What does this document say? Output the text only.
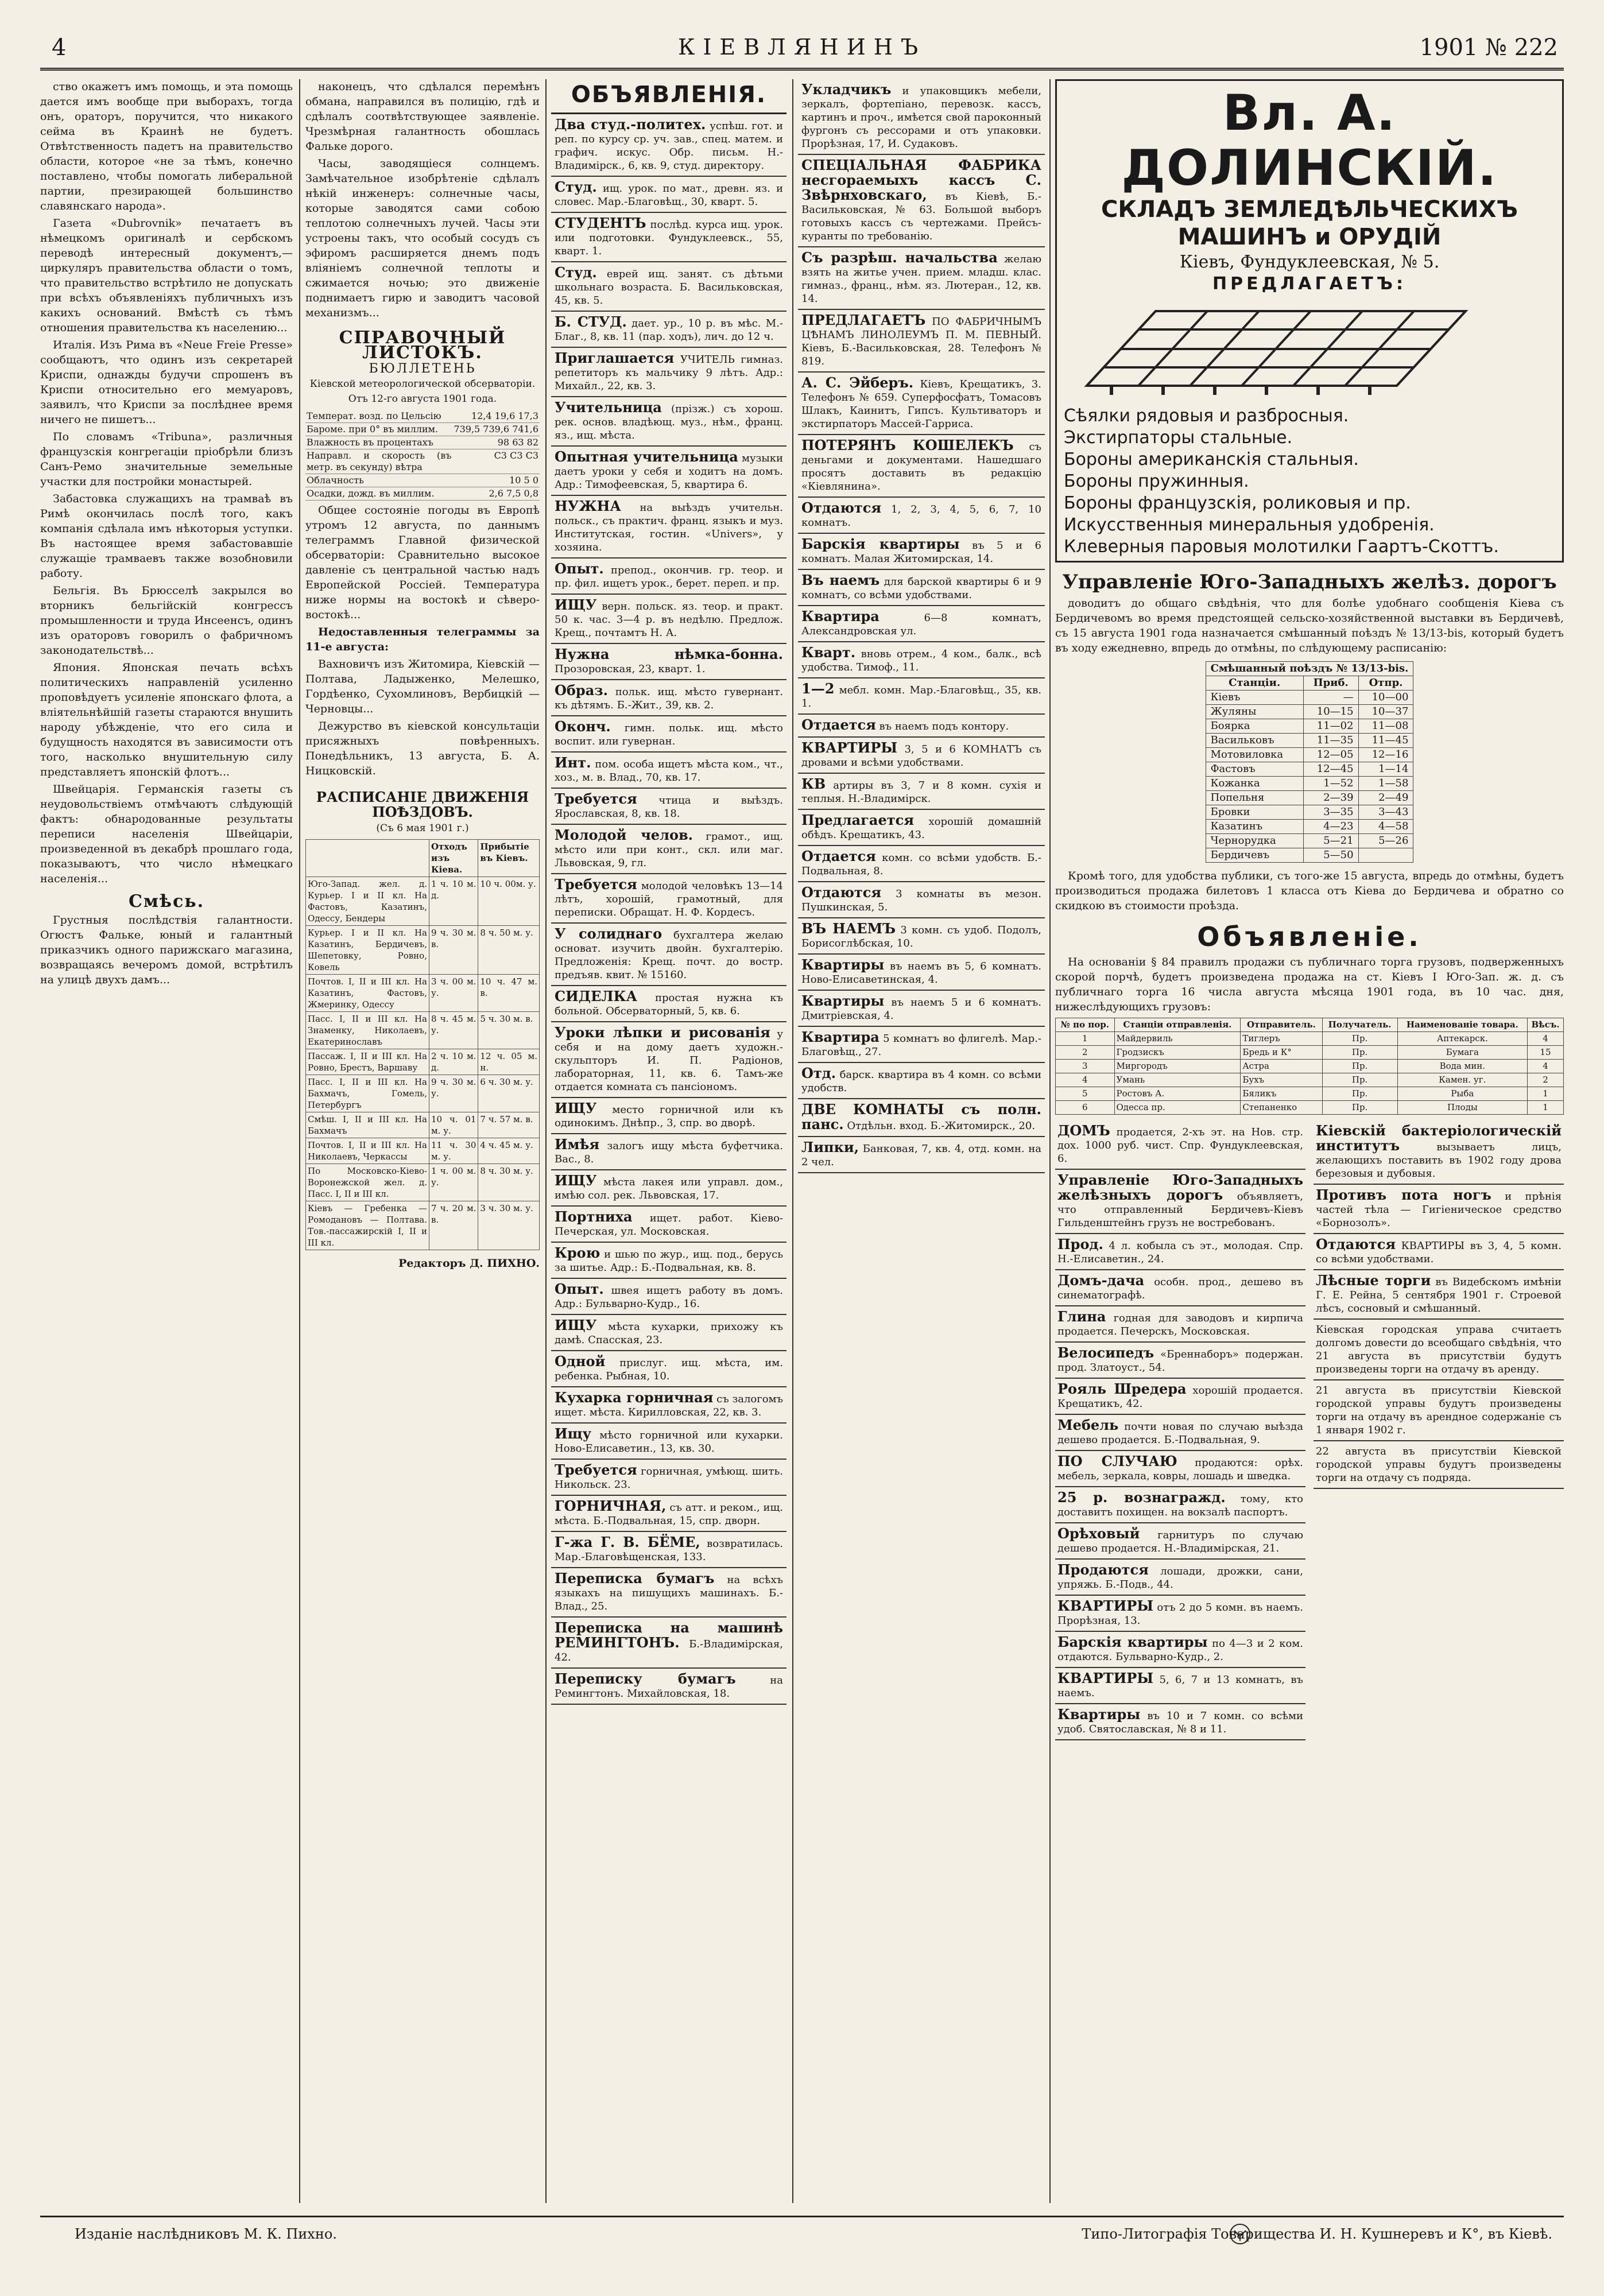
4	КІЕВЛЯНИНЪ	1901 № 222

ство окажетъ имъ помощь, и эта помощь дается имъ вообще при выборахъ, тогда онъ, ораторъ, поручится, что никакого сейма въ Краинѣ не будетъ. Отвѣтственность падетъ на правительство области, которое «не за тѣмъ, конечно поставлено, чтобы помогать либеральной партии, презирающей большинство славянскаго народа».

Газета «Dubrovnik» печатаетъ въ нѣмецкомъ оригиналѣ и сербскомъ переводѣ интересный документъ,—циркуляръ правительства области о томъ, что правительство встрѣтило не допускать при всѣхъ объявленiяхъ публичныхъ изъ какихъ оснований. Вмѣстѣ съ тѣмъ отношения правительства къ населению...

Италія. Изъ Рима въ «Neue Freie Presse» сообщаютъ, что одинъ изъ секретарей Криспи, однажды будучи спрошенъ въ Криспи относительно его мемуаровъ, заявилъ, что Криспи за послѣднее время ничего не пишетъ...

По словамъ «Tribuna», различныя французскія конгрегаціи пріобрѣли близъ Санъ-Ремо значительные земельные участки для постройки монастырей.

Забастовка служащихъ на трамваѣ въ Римѣ окончилась послѣ того, какъ компанія сдѣлала имъ нѣкоторыя уступки. Въ настоящее время забастовавшіе служащіе трамваевъ также возобновили работу.

Бельгія. Въ Брюсселѣ закрылся во вторникъ бельгійскій конгрессъ промышленности и труда Инсеенсъ, одинъ изъ ораторовъ говорилъ о фабричномъ законодательствѣ...

Япония. Японская печать всѣхъ политическихъ направленій усиленно проповѣдуетъ усиленіе японскаго флота, а вліятельнѣйшій газеты стараются внушить народу убѣжденіе, что его сила и будущность находятся въ зависимости отъ того, насколько внушительную силу представляетъ японскій флотъ...

Швейцарія. Германскія газеты съ неудовольствіемъ отмѣчаютъ слѣдующій фактъ: обнародованные результаты переписи населенія Швейцаріи, произведенной въ декабрѣ прошлаго года, показываютъ, что число нѣмецкаго населенія...

Смѣсь.

Грустныя послѣдствія галантности. Огюстъ Фальке, юный и галантный приказчикъ одного парижскаго магазина, возвращаясь вечеромъ домой, встрѣтилъ на улицѣ двухъ дамъ...

наконецъ, что сдѣлался перемѣнъ обмана, направился въ полицію, гдѣ и сдѣлалъ соотвѣтствующее заявленіе. Чрезмѣрная галантность обошлась Фальке дорого.

Часы, заводящіеся солнцемъ. Замѣчательное изобрѣтеніе сдѣлалъ нѣкій инженеръ: солнечные часы, которые заводятся сами собою теплотою солнечныхъ лучей. Часы эти устроены такъ, что особый сосудъ съ эфиромъ расширяется днемъ подъ вліяніемъ солнечной теплоты и сжимается ночью; это движеніе поднимаетъ гирю и заводитъ часовой механизмъ...

СПРАВОЧНЫЙ ЛИСТОКЪ.
БЮЛЛЕТЕНЬ
Кіевской метеорологической обсерваторіи. Отъ 12-го августа 1901 года.
Температ. возд. по Цельсію	12,4 19,6 17,3
Бароме. при 0° въ миллим.	739,5 739,6 741,6
Влажность въ процентахъ	98 63 82
Направл. и скорость (въ метр. въ секунду) вѣтра	С3 С3 С3
Облачность	10 5 0
Осадки, дожд. въ миллим.	2,6 7,5 0,8

Общее состояніе погоды въ Европѣ утромъ 12 августа, по даннымъ телеграммъ Главной физической обсерваторіи: Сравнительно высокое давленіе съ центральной частью надъ Европейской Россіей. Температура ниже нормы на востокѣ и сѣверо-востокѣ...

Недоставленныя телеграммы за 11-е августа:

Вахновичъ изъ Житомира, Кіевскій — Полтава, Ладыженко, Мелешко, Гордѣенко, Сухомлиновъ, Вербицкій — Черновцы...

Дежурство въ кіевской консультаціи присяжныхъ повѣренныхъ. Понедѣльникъ, 13 августа, Б. А. Ницковскій.

РАСПИСАНІЕ ДВИЖЕНІЯ ПОѢЗДОВЪ.
(Съ 6 мая 1901 г.)
	Отходъ изъ Кіева.	Прибытіе въ Кіевъ.
Юго-Запад. жел. д. Курьер. I и II кл. На Фастовъ, Казатинъ, Одессу, Бендеры	1 ч. 10 м. д.	10 ч. 00м. у.
Курьер. I и II кл. На Казатинъ, Бердичевъ, Шепетовку, Ровно, Ковель	9 ч. 30 м. в.	8 ч. 50 м. у.
Почтов. I, II и III кл. На Казатинъ, Фастовъ, Жмеринку, Одессу	3 ч. 00 м. у.	10 ч. 47 м. в.
Пасс. I, II и III кл. На Знаменку, Николаевъ, Екатеринославъ	8 ч. 45 м. у.	5 ч. 30 м. в.
Пассаж. I, II и III кл. На Ровно, Брестъ, Варшаву	2 ч. 10 м. д.	12 ч. 05 м. н.
Пасс. I, II и III кл. На Бахмачъ, Гомель, Петербургъ	9 ч. 30 м. у.	6 ч. 30 м. у.
Смѣш. I, II и III кл. На Бахмачъ	10 ч. 01 м. у.	7 ч. 57 м. в.
Почтов. I, II и III кл. На Николаевъ, Черкассы	11 ч. 30 м. у.	4 ч. 45 м. у.
По Московско-Кіево-Воронежской жел. д. Пасс. I, II и III кл.	1 ч. 00 м. у.	8 ч. 30 м. у.
Кіевъ — Гребенка — Ромодановъ — Полтава. Тов.-пассажирскій I, II и III кл.	7 ч. 20 м. в.	3 ч. 30 м. у.
Редакторъ Д. ПИХНО.
ОБЪЯВЛЕНІЯ.
Два студ.-политех. успѣш. гот. и реп. по курсу ср. уч. зав., спец. матем. и графич. искус. Обр. письм. Н.-Владимірск., 6, кв. 9, студ. директору.
Студ. ищ. урок. по мат., древн. яз. и словес. Мар.-Благовѣщ., 30, кварт. 5.
СТУДЕНТЪ послѣд. курса ищ. урок. или подготовки. Фундуклеевск., 55, кварт. 1.
Студ. еврей ищ. занят. съ дѣтьми школьнаго возраста. Б. Васильковская, 45, кв. 5.
Б. СТУД. дает. ур., 10 р. въ мѣс. М.-Благ., 8, кв. 11 (пар. ходъ), лич. до 12 ч.
Приглашается УЧИТЕЛЬ гимназ. репетиторъ къ мальчику 9 лѣтъ. Адр.: Михайл., 22, кв. 3.
Учительница (прізж.) съ хорош. рек. основ. владѣющ. муз., нѣм., франц. яз., ищ. мѣста.
Опытная учительница музыки даетъ уроки у себя и ходитъ на домъ. Адр.: Тимофеевская, 5, квартира 6.
НУЖНА на выѣздъ учительн. польск., съ практич. франц. языкъ и муз. Институтская, гостин. «Univers», у хозяина.
Опыт. препод., окончив. гр. теор. и пр. фил. ищетъ урок., берет. переп. и пр.
ИЩУ верн. польск. яз. теор. и практ. 50 к. час. 3—4 р. въ недѣлю. Предлож. Крещ., почтамтъ Н. А.
Нужна нѣмка-бонна. Прозоровская, 23, кварт. 1.
Образ. польк. ищ. мѣсто гувернант. къ дѣтямъ. Б.-Жит., 39, кв. 2.
Оконч. гимн. польк. ищ. мѣсто воспит. или гувернан.
Инт. пом. особа ищетъ мѣста ком., чт., хоз., м. в. Влад., 70, кв. 17.
Требуется чтица и выѣздъ. Ярославская, 8, кв. 18.
Молодой челов. грамот., ищ. мѣсто или при конт., скл. или маг. Львовская, 9, гл.
Требуется молодой человѣкъ 13—14 лѣтъ, хорошій, грамотный, для переписки. Обращат. Н. Ф. Кордесъ.
У солиднаго бухгалтера желаю основат. изучить двойн. бухгалтерію. Предложенія: Крещ. почт. до востр. предъяв. квит. № 15160.
СИДЕЛКА простая нужна къ больной. Обсерваторный, 5, кв. 6.
Уроки лѣпки и рисованія у себя и на дому даетъ художн.-скульпторъ И. П. Радіонов, лабораторная, 11, кв. 6. Тамъ-же отдается комната съ пансіономъ.
ИЩУ место горничной или къ одинокимъ. Днѣпр., 3, спр. во дворѣ.
Имѣя залогъ ищу мѣста буфетчика. Вас., 8.
ИЩУ мѣста лакея или управл. дом., имѣю сол. рек. Львовская, 17.
Портниха ищет. работ. Кіево-Печерская, ул. Московская.
Крою и шью по жур., ищ. под., берусь за шитье. Адр.: Б.-Подвальная, кв. 8.
Опыт. швея ищетъ работу въ домъ. Адр.: Бульварно-Кудр., 16.
ИЩУ мѣста кухарки, прихожу къ дамѣ. Спасская, 23.
Одной прислуг. ищ. мѣста, им. ребенка. Рыбная, 10.
Кухарка горничная съ залогомъ ищет. мѣста. Кирилловская, 22, кв. 3.
Ищу мѣсто горничной или кухарки. Ново-Елисаветин., 13, кв. 30.
Требуется горничная, умѣющ. шить. Никольск. 23.
ГОРНИЧНАЯ, съ атт. и реком., ищ. мѣста. Б.-Подвальная, 15, спр. дворн.
Г-жа Г. В. БЁМЕ, возвратилась. Мар.-Благовѣщенская, 133.
Переписка бумагъ на всѣхъ языкахъ на пишущихъ машинахъ. Б.-Влад., 25.
Переписка на машинѣ РЕМИНГТОНЪ. Б.-Владимірская, 42.
Переписку бумагъ	на Ремингтонъ. Михайловская, 18.
Укладчикъ и упаковщикъ мебели, зеркалъ, фортепіано, перевозк. кассъ, картинъ и проч., имѣется свой пароконный фургонъ съ рессорами и отъ упаковки. Прорѣзная, 17, И. Судаковъ.
СПЕЦІАЛЬНАЯ ФАБРИКА несгораемыхъ кассъ С. Звѣрнховскаго, въ Кіевѣ, Б.-Васильковская, № 63. Большой выборъ готовыхъ кассъ съ чертежами. Прейсъ-куранты по требованію.
Съ разрѣш. начальства желаю взять на житье учен. прием. младш. клас. гимназ., франц., нѣм. яз. Лютеран., 12, кв. 14.
ПРЕДЛАГАЕТЪ ПО ФАБРИЧНЫМЪ ЦѢНАМЪ ЛИНОЛЕУМЪ П. М. ПЕВНЫЙ. Кіевъ, Б.-Васильковская, 28. Телефонъ № 819.
А. С. Эйберъ. Кіевъ, Крещатикъ, 3. Телефонъ № 659. Суперфосфатъ, Томасовъ Шлакъ, Каинитъ, Гипсъ. Культиваторъ и экстирпаторъ Массей-Гарриса.
ПОТЕРЯНЪ КОШЕЛЕКЪ съ деньгами и документами. Нашедшаго просятъ доставить въ редакцію «Кіевлянина».
Отдаются 1, 2, 3, 4, 5, 6, 7, 10 комнатъ.
Барскія квартиры въ 5 и 6 комнатъ. Малая Житомирская, 14.
Въ наемъ для барской квартиры 6 и 9 комнатъ, со всѣми удобствами.
Квартира	6—8 комнатъ, Александровская ул.
Кварт. вновь отрем., 4 ком., балк., всѣ удобства. Тимоф., 11.
1—2 мебл. комн. Мар.-Благовѣщ., 35, кв. 1.
Отдается въ наемъ подъ контору.
КВАРТИРЫ 3, 5 и 6 КОМНАТЪ съ дровами и всѣми удобствами.
КВ артиры въ 3, 7 и 8 комн. сухія и теплыя. Н.-Владимірск.
Предлагается хорошій домашній обѣдъ. Крещатикъ, 43.
Отдается комн. со всѣми удобств. Б.-Подвальная, 8.
Отдаются 3 комнаты въ мезон. Пушкинская, 5.
ВЪ НАЕМЪ 3 комн. съ удоб. Подолъ, Борисоглѣбская, 10.
Квартиры въ наемъ въ 5, 6 комнатъ. Ново-Елисаветинская, 4.
Квартиры въ наемъ 5 и 6 комнатъ. Дмитріевская, 4.
Квартира 5 комнатъ во флигелѣ. Мар.-Благовѣщ., 27.
Отд. барск. квартира въ 4 комн. со всѣми удобств.
ДВЕ КОМНАТЫ съ полн. панс. Отдѣльн. вход. Б.-Житомирск., 20.
Липки, Банковая, 7, кв. 4, отд. комн. на 2 чел.
Вл. А. ДОЛИНСКІЙ.
СКЛАДЪ ЗЕМЛЕДѢЛЬЧЕСКИХЪ МАШИНЪ и ОРУДІЙ
Кіевъ, Фундуклеевская, № 5.
ПРЕДЛАГАЕТЪ:
Сѣялки рядовыя и разбросныя.
Экстирпаторы стальные.
Бороны американскія стальныя.
Бороны пружинныя.
Бороны французскія, роликовыя и пр.
Искусственныя минеральныя удобренія.
Клеверныя паровыя молотилки Гаартъ-Скоттъ.
Управленіе Юго-Западныхъ желѣз. дорогъ

доводитъ до общаго свѣдѣнія, что для болѣе удобнаго сообщенія Кіева съ Бердичевомъ во время предстоящей сельско-хозяйственной выставки въ Бердичевѣ, съ 15 августа 1901 года назначается смѣшанный поѣздъ № 13/13-bis, который будетъ въ ходу ежедневно, впредь до отмѣны, по слѣдующему расписанію:

Смѣшанный поѣздъ № 13/13-bis.		
Станціи.	Приб.	Отпр.
Кіевъ	—	10—00
Жуляны	10—15	10—37
Боярка	11—02	11—08
Васильковъ	11—35	11—45
Мотовиловка	12—05	12—16
Фастовъ	12—45	1—14
Кожанка	1—52	1—58
Попельня	2—39	2—49
Бровки	3—35	3—43
Казатинъ	4—23	4—58
Чернорудка	5—21	5—26
Бердичевъ	5—50	

Кромѣ того, для удобства публики, съ того-же 15 августа, впредь до отмѣны, будетъ производиться продажа билетовъ 1 класса отъ Кіева до Бердичева и обратно со скидкою въ стоимости проѣзда.

Объявленіе.

На основаніи § 84 правилъ продажи съ публичнаго торга грузовъ, подверженныхъ скорой порчѣ, будетъ произведена продажа на ст. Кіевъ I Юго-Зап. ж. д. съ публичнаго торга 16 числа августа мѣсяца 1901 года, въ 10 час. дня, нижеслѣдующихъ грузовъ:

№ по пор.	Станціи отправленія.	Отправитель.	Получатель.	Наименованіе товара.	Вѣсъ.
1	Майдервиль	Тиглеръ	Пр.	Аптекарск.	4
2	Гродзискъ	Бредь и К°	Пр.	Бумага	15
3	Миргородъ	Астра	Пр.	Вода мин.	4
4	Умань	Бухъ	Пр.	Камен. уг.	2
5	Ростовъ А.	Бяликъ	Пр.	Рыба	1
6	Одесса пр.	Степаненко	Пр.	Плоды	1
ДОМЪ продается, 2-хъ эт. на Нов. стр. дох. 1000 руб. чист. Спр. Фундуклеевская, 6.
Управленіе Юго-Западныхъ желѣзныхъ дорогъ объявляетъ, что отправленный Бердичевъ-Кіевъ Гильденштейнъ грузъ не востребованъ.
Прод. 4 л. кобыла съ эт., молодая. Спр. Н.-Елисаветин., 24.
Домъ-дача особн. прод., дешево въ синематографѣ.
Глина годная для заводовъ и кирпича продается. Печерскъ, Московская.
Велосипедъ «Бреннаборъ» подержан. прод. Златоуст., 54.
Рояль Шредера хорошій продается. Крещатикъ, 42.
Мебель почти новая по случаю выѣзда дешево продается. Б.-Подвальная, 9.
ПО СЛУЧАЮ продаются: орѣх. мебель, зеркала, ковры, лошадь и шведка.
25 р. вознагражд. тому, кто доставитъ похищен. на вокзалѣ паспортъ.
Орѣховый гарнитуръ по случаю дешево продается. Н.-Владимірская, 21.
Продаются лошади, дрожки, сани, упряжь. Б.-Подв., 44.
КВАРТИРЫ отъ 2 до 5 комн. въ наемъ. Прорѣзная, 13.
Барскія квартиры по 4—3 и 2 ком. отдаются. Бульварно-Кудр., 2.
КВАРТИРЫ 5, 6, 7 и 13 комнатъ, въ наемъ.
Квартиры въ 10 и 7 комн. со всѣми удоб. Святославская, № 8 и 11.
Кіевскій бактеріологическій институтъ	вызываетъ лицъ, желающихъ поставить въ 1902 году дрова березовыя и дубовыя.
Противъ пота ногъ и прѣнія частей тѣла — Гигіеническое средство «Борнозолъ».
Отдаются КВАРТИРЫ въ 3, 4, 5 комн. со всѣми удобствами.
Лѣсные торги въ Видебскомъ имѣніи Г. Е. Рейна, 5 сентября 1901 г. Строевой лѣсъ, сосновый и смѣшанный.
Кіевская городская управа считаетъ долгомъ довести до всеобщаго свѣдѣнія, что 21 августа въ присутствіи будутъ произведены торги на отдачу въ аренду.
21 августа въ присутствіи Кіевской городской управы будутъ произведены торги на отдачу въ арендное содержаніе съ 1 января 1902 г.
22 августа въ присутствіи Кіевской городской управы будутъ произведены торги на отдачу съ подряда.
Изданіе наслѣдниковъ М. К. Пихно.	Типо-Литографія Товарищества И. Н. Кушнеревъ и К°, въ Кіевѣ.
